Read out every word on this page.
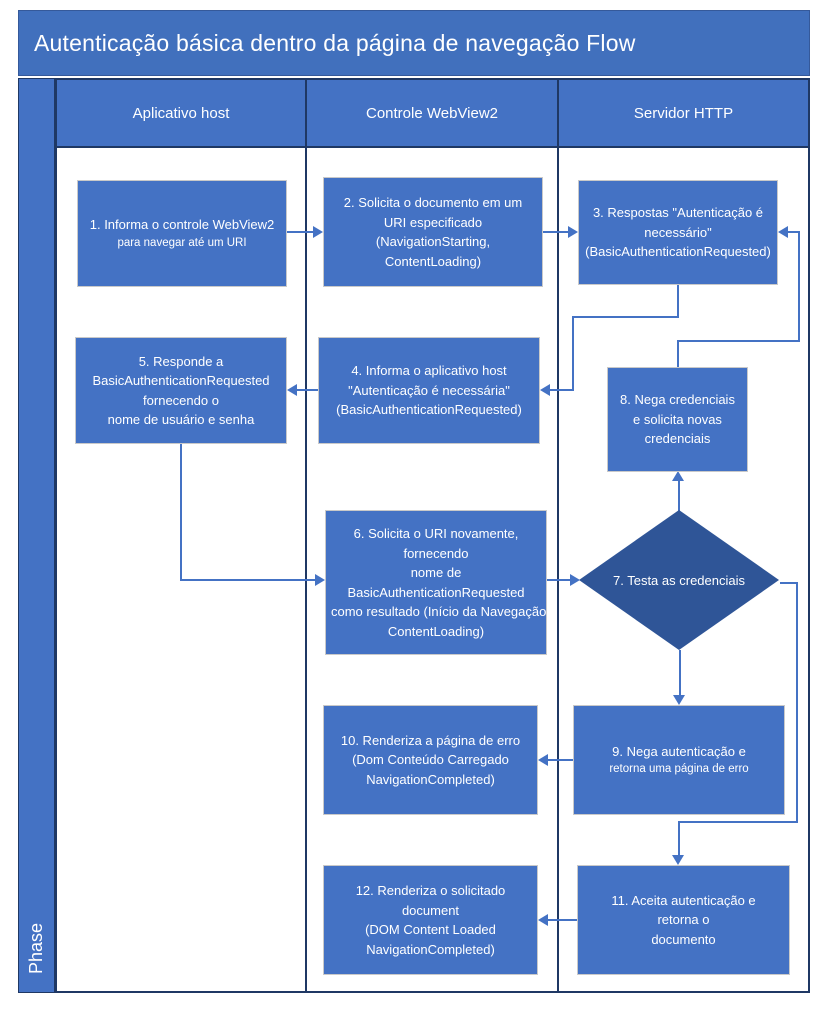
Autenticação básica dentro da página de navegação Flow
Aplicativo host	Controle WebView2	Servidor HTTP
Phase
1. Informa o controle WebView2
para navegar até um URI
2. Solicita o documento em um
URI especificado
(NavigationStarting,
ContentLoading)
3. Respostas "Autenticação é
necessário"
(BasicAuthenticationRequested)
4. Informa o aplicativo host
"Autenticação é necessária"
(BasicAuthenticationRequested)
5. Responde a
BasicAuthenticationRequested
fornecendo o
nome de usuário e senha
8. Nega credenciais
e solicita novas
credenciais
6. Solicita o URI novamente,
fornecendo
nome de
BasicAuthenticationRequested
como resultado (Início da Navegação
ContentLoading)
7. Testa as credenciais
9. Nega autenticação e
retorna uma página de erro
10. Renderiza a página de erro
(Dom Conteúdo Carregado
NavigationCompleted)
11. Aceita autenticação e
retorna o
documento
12. Renderiza o solicitado
document
(DOM Content Loaded
NavigationCompleted)
